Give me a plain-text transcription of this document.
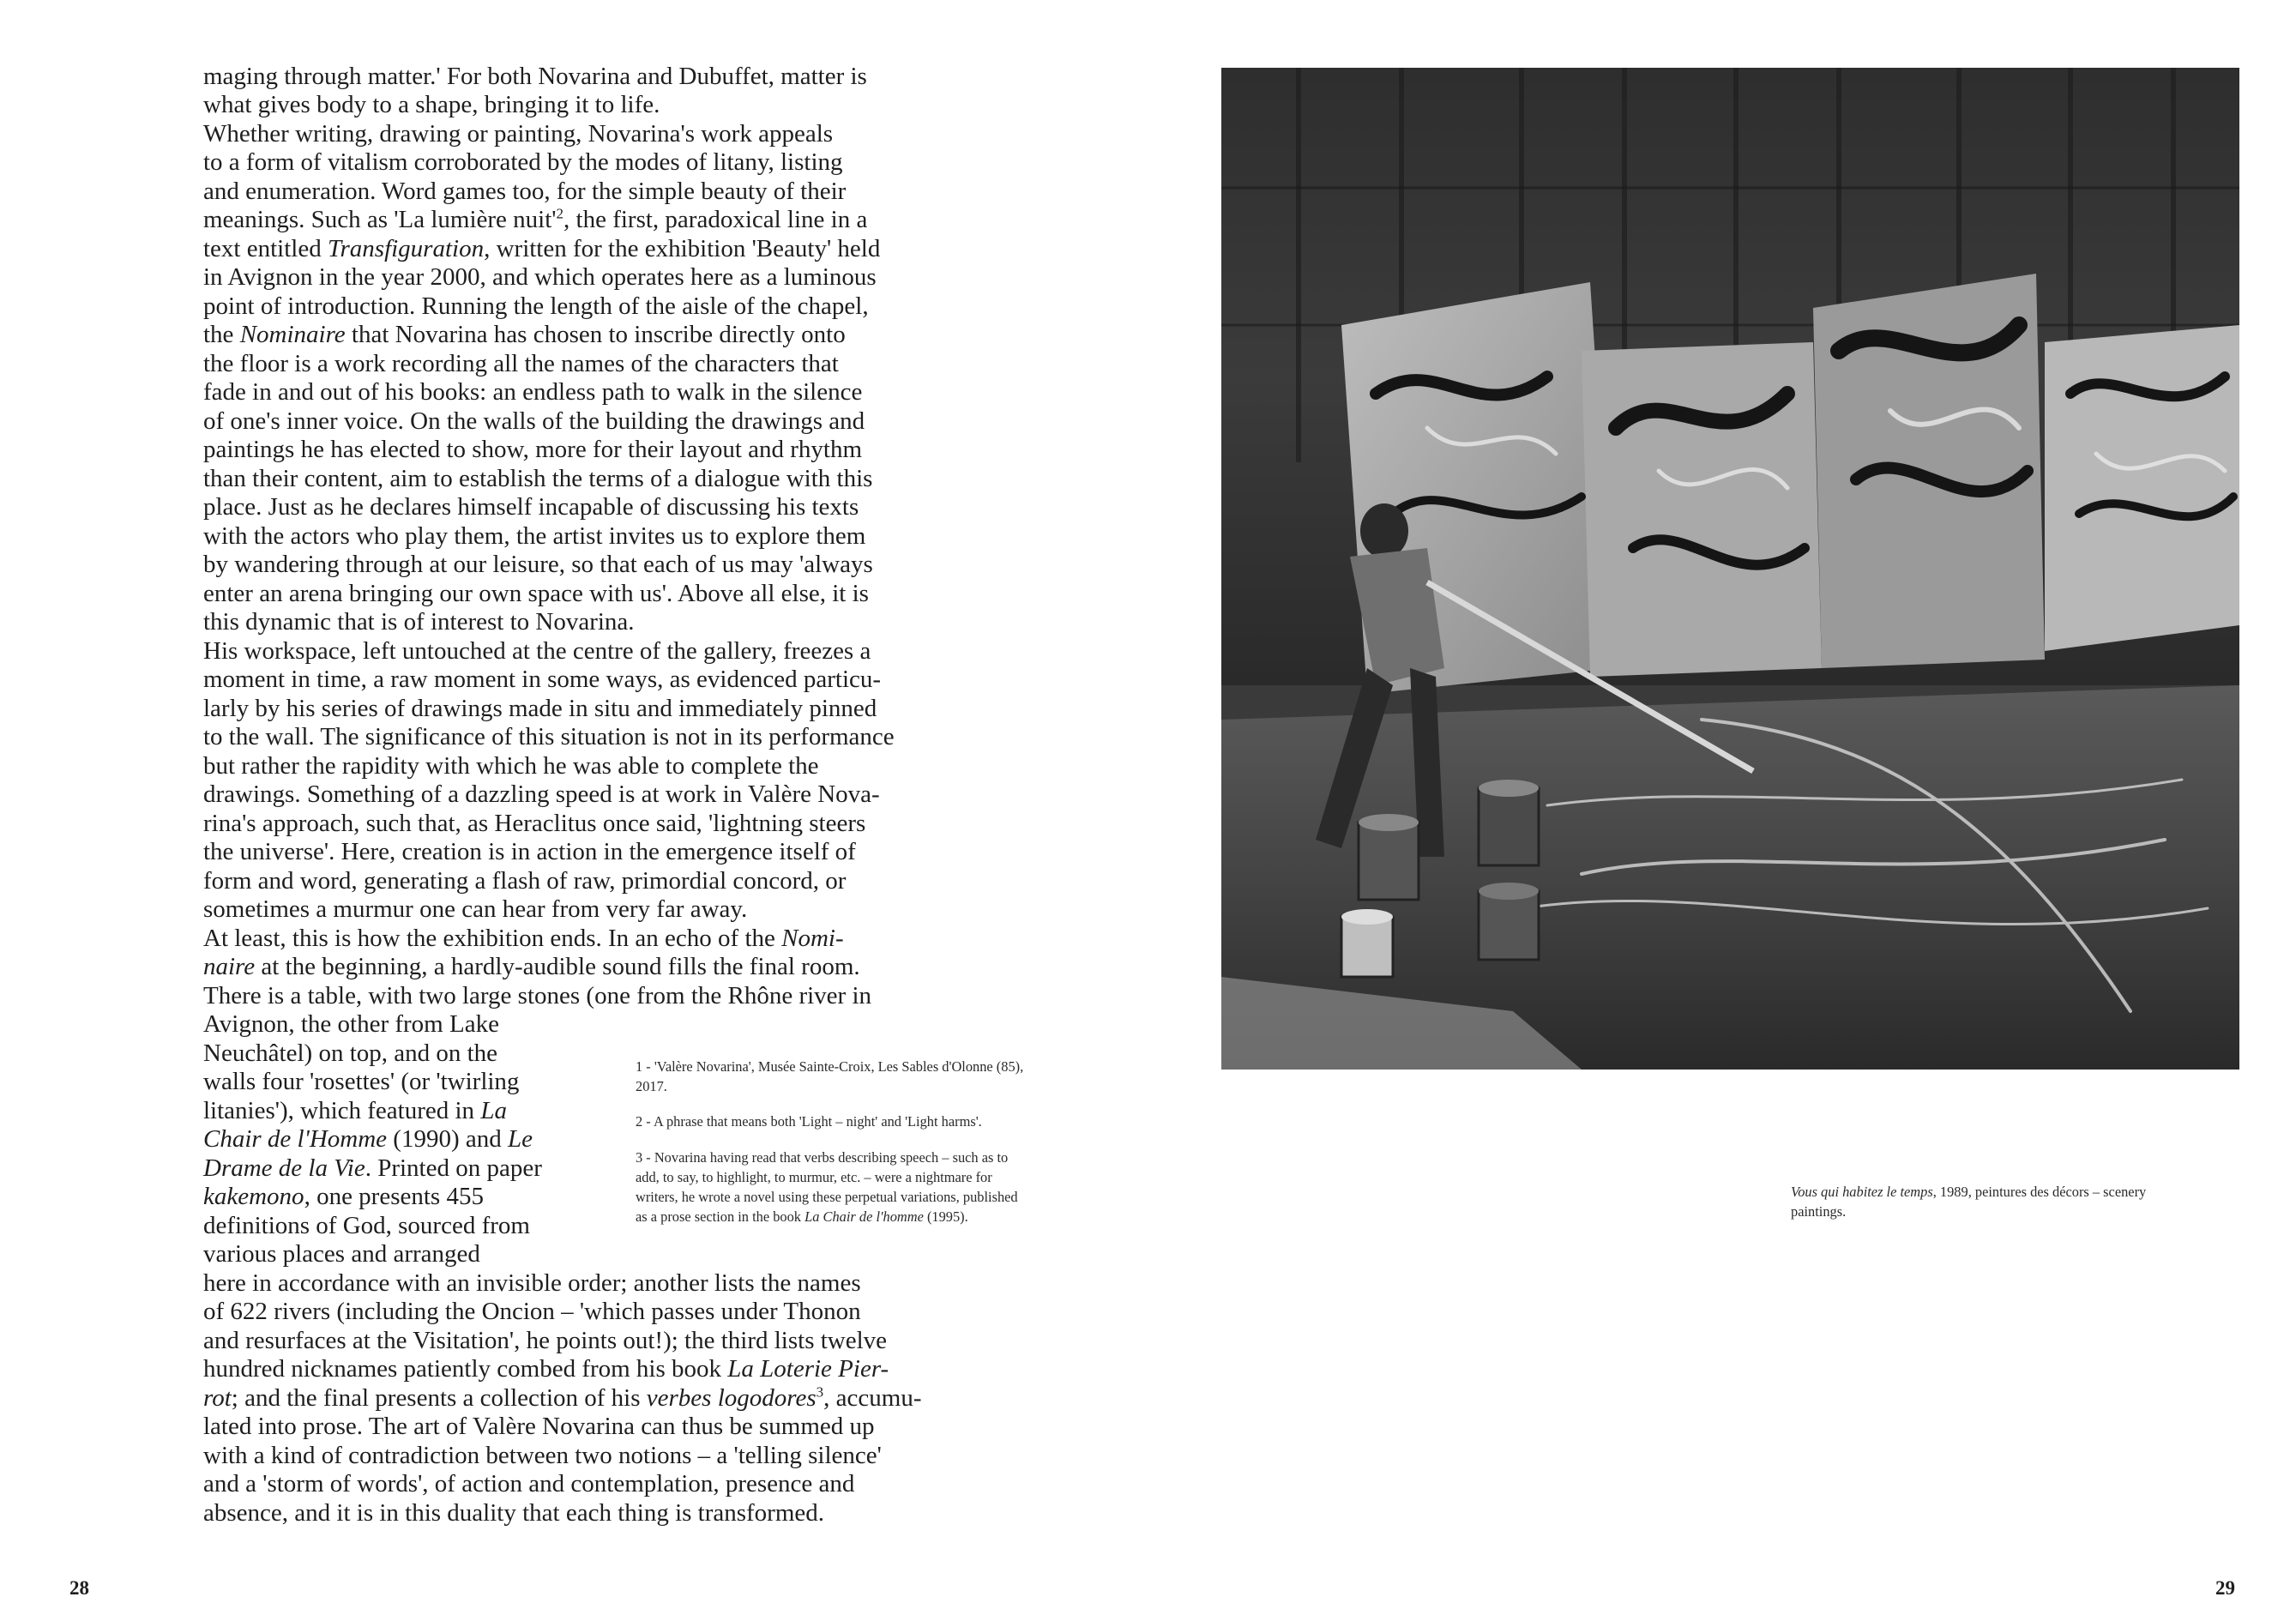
maging through matter.' For both Novarina and Dubuffet, matter is
what gives body to a shape, bringing it to life.
Whether writing, drawing or painting, Novarina's work appeals
to a form of vitalism corroborated by the modes of litany, listing
and enumeration. Word games too, for the simple beauty of their
meanings. Such as 'La lumière $nuit'^2$, the first, paradoxical line in a
text entitled Transfiguration, written for the exhibition 'Beauty' held
in Avignon in the year 2000, and which operates here as a luminous
point of introduction. Running the length of the aisle of the chapel,
the Nominaire that Novarina has chosen to inscribe directly onto
the floor is a work recording all the names of the characters that
fade in and out of his books: an endless path to walk in the silence
of one's inner voice. On the walls of the building the drawings and
paintings he has elected to show, more for their layout and rhythm
than their content, aim to establish the terms of a dialogue with this
place. Just as he declares himself incapable of discussing his texts
with the actors who play them, the artist invites us to explore them
by wandering through at our leisure, so that each of us may 'always
enter an arena bringing our own space with us'. Above all else, it is
this dynamic that is of interest to Novarina.
His workspace, left untouched at the centre of the gallery, freezes a
moment in time, a raw moment in some ways, as evidenced particu-
larly by his series of drawings made in situ and immediately pinned
to the wall. The significance of this situation is not in its performance
but rather the rapidity with which he was able to complete the
drawings. Something of a dazzling speed is at work in Valère Nova-
rina's approach, such that, as Heraclitus once said, 'lightning steers
the universe'. Here, creation is in action in the emergence itself of
form and word, generating a flash of raw, primordial concord, or
sometimes a murmur one can hear from very far away.
At least, this is how the exhibition ends. In an echo of the Nomi-
naire at the beginning, a hardly-audible sound fills the final room.
There is a table, with two large stones (one from the Rhône river in
Avignon, the other from Lake
Neuchâtel) on top, and on the
walls four 'rosettes' (or 'twirling
litanies'), which featured in La
Chair de l'Homme (1990) and Le
Drame de la Vie. Printed on paper
kakemono, one presents 455
definitions of God, sourced from
various places and arranged
here in accordance with an invisible order; another lists the names
of 622 rivers (including the Oncion – 'which passes under Thonon
and resurfaces at the Visitation', he points out!); the third lists twelve
hundred nicknames patiently combed from his book La Loterie Pier-
rot; and the final presents a collection of his verbes logodores$^3$, accumu-
lated into prose. The art of Valère Novarina can thus be summed up
with a kind of contradiction between two notions – a 'telling silence'
and a 'storm of words', of action and contemplation, presence and
absence, and it is in this duality that each thing is transformed.
1 - 'Valère Novarina', Musée Sainte-Croix, Les Sables d'Olonne (85),
2017.
2 - A phrase that means both 'Light – night' and 'Light harms'.
3 - Novarina having read that verbs describing speech – such as to
add, to say, to highlight, to murmur, etc. – were a nightmare for
writers, he wrote a novel using these perpetual variations, published
as a prose section in the book La Chair de l'homme (1995).
Vous qui habitez le temps, 1989, peintures des décors – scenery
paintings.
28	29
